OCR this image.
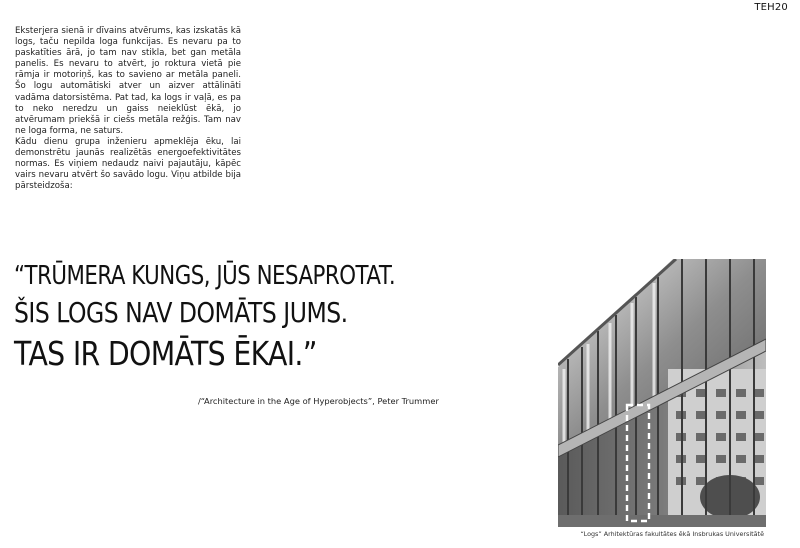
TEH20

Eksterjera sienā ir dīvains atvērums, kas izskatās kā logs, taču nepilda loga funkcijas. Es nevaru pa to paskatīties ārā, jo tam nav stikla, bet gan metāla panelis. Es nevaru to atvērt, jo roktura vietā pie rāmja ir motoriņš, kas to savieno ar metāla paneli. Šo logu automātiski atver un aizver attālināti vadāma datorsistēma. Pat tad, ka logs ir vaļā, es pa to neko neredzu un gaiss neieklūst ēkā, jo atvērumam priekšā ir ciešs metāla režģis. Tam nav ne loga forma, ne saturs.

Kādu dienu grupa inženieru apmeklēja ēku, lai demonstrētu jaunās realizētās energoefektivitātes normas. Es viņiem nedaudz naivi pajautāju, kāpēc vairs nevaru atvērt šo savādo logu. Viņu atbilde bija pārsteidzoša:

“TRŪMERA KUNGS, JŪS NESAPROTAT.
ŠIS LOGS NAV DOMĀTS JUMS.
TAS IR DOMĀTS ĒKAI.”
/“Architecture in the Age of Hyperobjects”, Peter Trummer
“Logs” Arhitektūras fakultātes ēkā Insbrukas Universitātē
